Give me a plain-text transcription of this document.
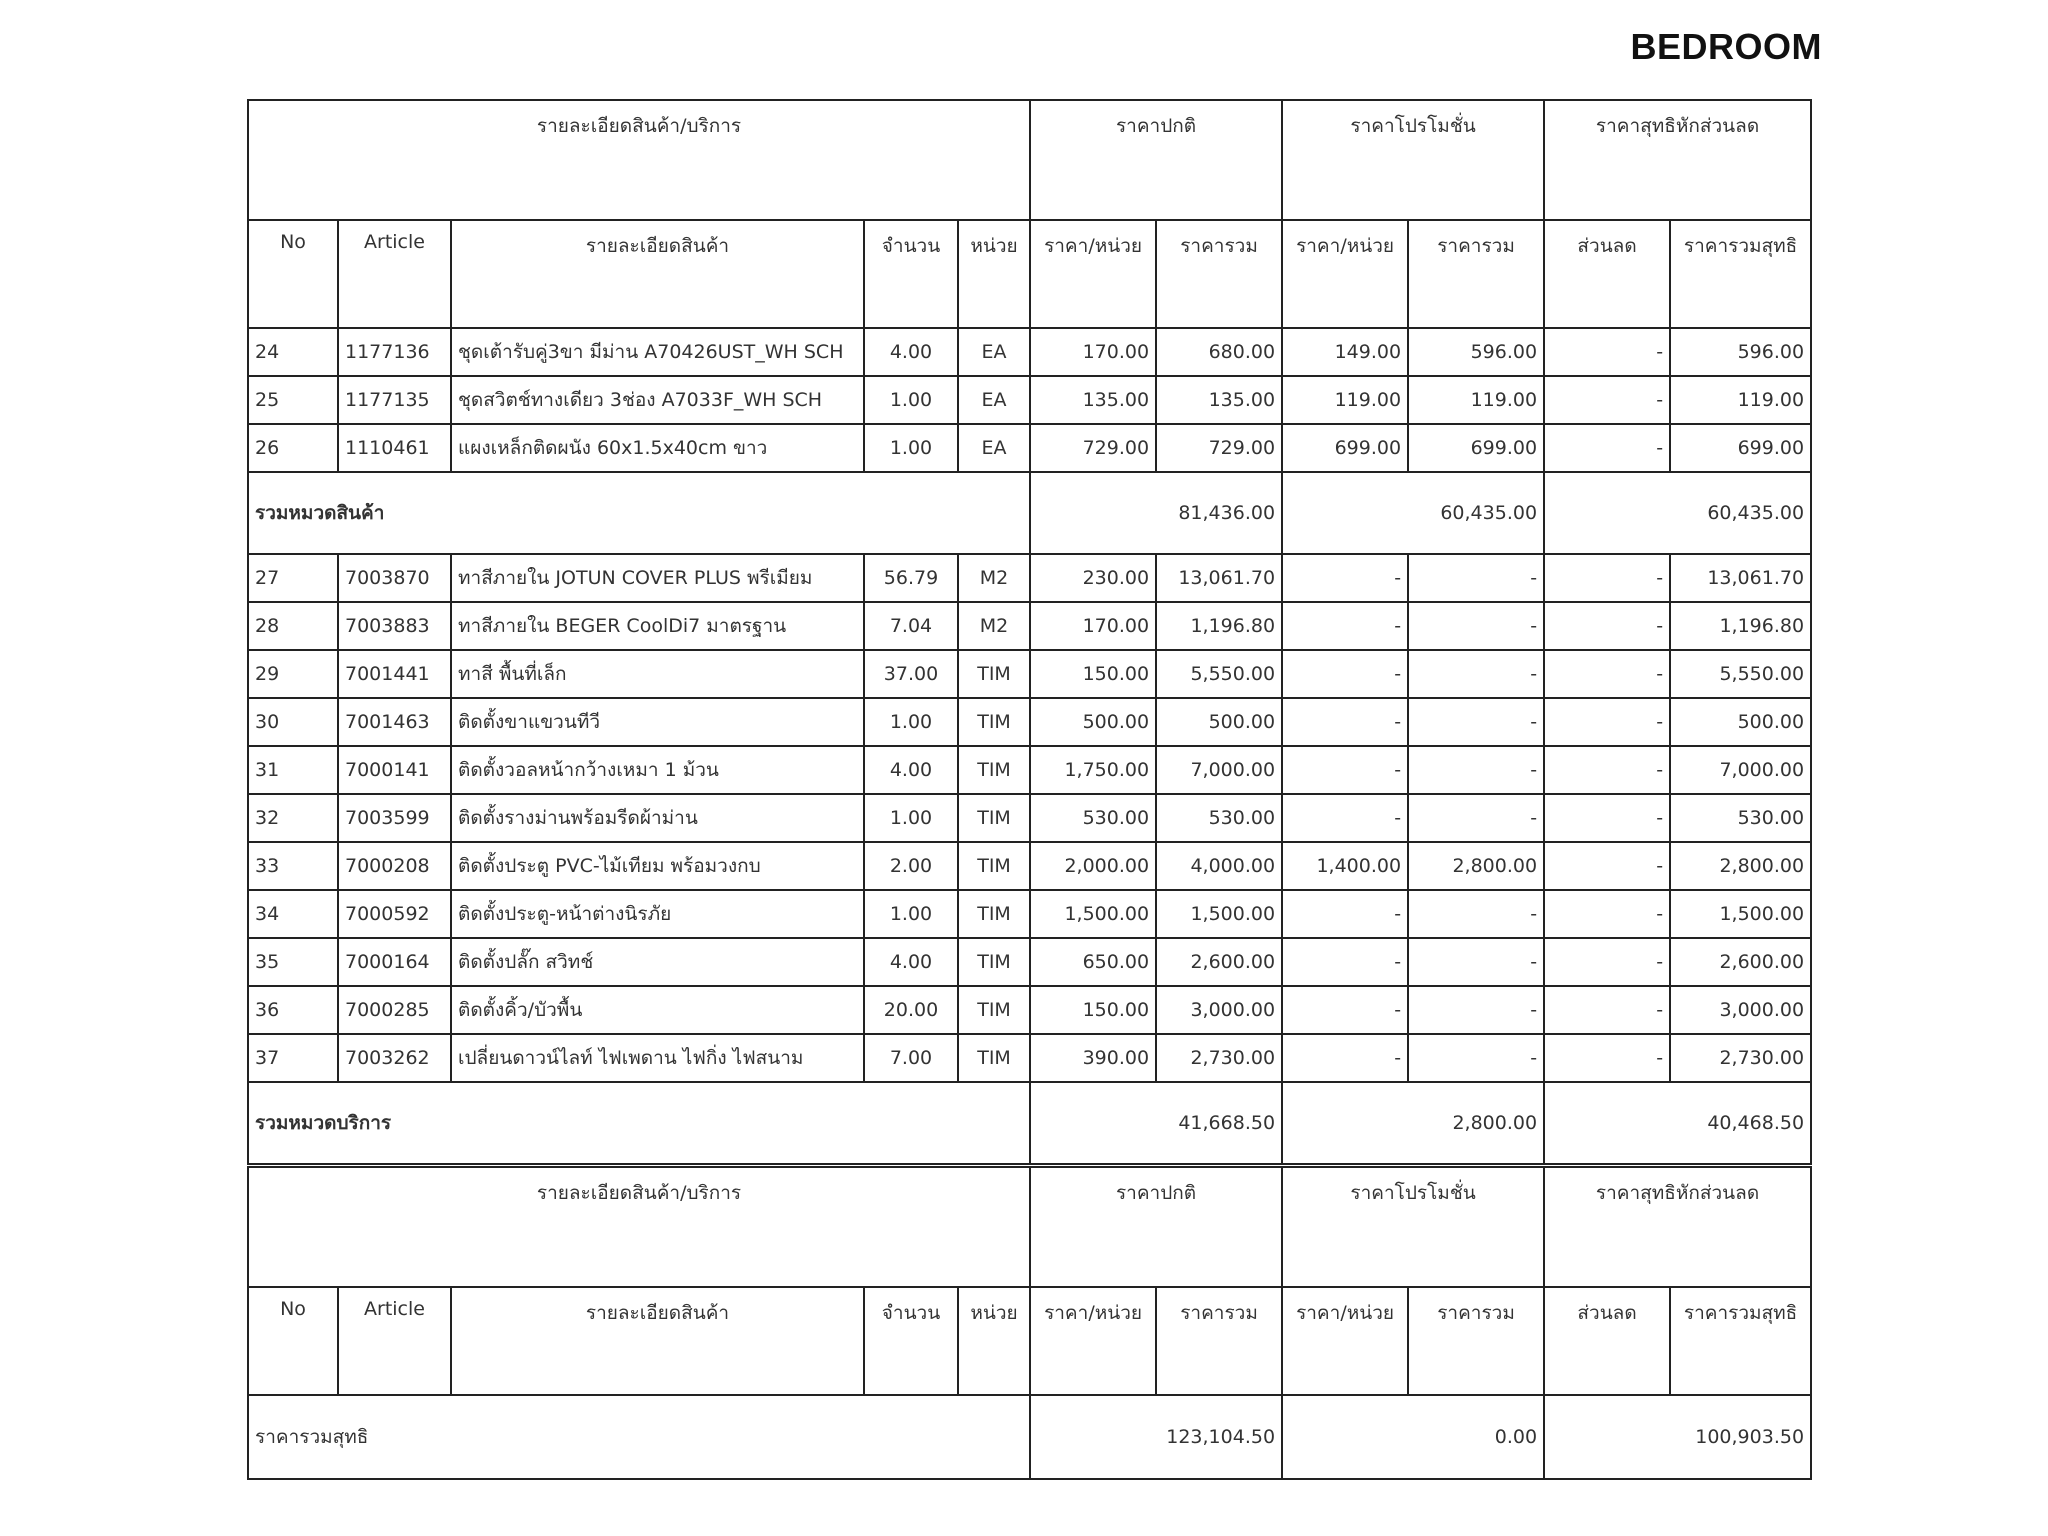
BEDROOM
รายละเอียดสินค้า/บริการ					ราคาปกติ		ราคาโปรโมชั่น		ราคาสุทธิหักส่วนลด	
No	Article	รายละเอียดสินค้า	จำนวน	หน่วย	ราคา/หน่วย	ราคารวม	ราคา/หน่วย	ราคารวม	ส่วนลด	ราคารวมสุทธิ
24	1177136	ชุดเต้ารับคู่3ขา มีม่าน A70426UST_WH SCH	4.00	EA	170.00	680.00	149.00	596.00	-	596.00
25	1177135	ชุดสวิตช์ทางเดียว 3ช่อง A7033F_WH SCH	1.00	EA	135.00	135.00	119.00	119.00	-	119.00
26	1110461	แผงเหล็กติดผนัง 60x1.5x40cm ขาว	1.00	EA	729.00	729.00	699.00	699.00	-	699.00
รวมหมวดสินค้า					81,436.00		60,435.00		60,435.00	
27	7003870	ทาสีภายใน JOTUN COVER PLUS พรีเมียม	56.79	M2	230.00	13,061.70	-	-	-	13,061.70
28	7003883	ทาสีภายใน BEGER CoolDi7 มาตรฐาน	7.04	M2	170.00	1,196.80	-	-	-	1,196.80
29	7001441	ทาสี พื้นที่เล็ก	37.00	TIM	150.00	5,550.00	-	-	-	5,550.00
30	7001463	ติดตั้งขาแขวนทีวี	1.00	TIM	500.00	500.00	-	-	-	500.00
31	7000141	ติดตั้งวอลหน้ากว้างเหมา 1 ม้วน	4.00	TIM	1,750.00	7,000.00	-	-	-	7,000.00
32	7003599	ติดตั้งรางม่านพร้อมรีดผ้าม่าน	1.00	TIM	530.00	530.00	-	-	-	530.00
33	7000208	ติดตั้งประตู PVC-ไม้เทียม พร้อมวงกบ	2.00	TIM	2,000.00	4,000.00	1,400.00	2,800.00	-	2,800.00
34	7000592	ติดตั้งประตู-หน้าต่างนิรภัย	1.00	TIM	1,500.00	1,500.00	-	-	-	1,500.00
35	7000164	ติดตั้งปลั๊ก สวิทช์	4.00	TIM	650.00	2,600.00	-	-	-	2,600.00
36	7000285	ติดตั้งคิ้ว/บัวพื้น	20.00	TIM	150.00	3,000.00	-	-	-	3,000.00
37	7003262	เปลี่ยนดาวน์ไลท์ ไฟเพดาน ไฟกิ่ง ไฟสนาม	7.00	TIM	390.00	2,730.00	-	-	-	2,730.00
รวมหมวดบริการ					41,668.50		2,800.00		40,468.50	
รายละเอียดสินค้า/บริการ					ราคาปกติ		ราคาโปรโมชั่น		ราคาสุทธิหักส่วนลด	
No	Article	รายละเอียดสินค้า	จำนวน	หน่วย	ราคา/หน่วย	ราคารวม	ราคา/หน่วย	ราคารวม	ส่วนลด	ราคารวมสุทธิ
ราคารวมสุทธิ					123,104.50		0.00		100,903.50	
